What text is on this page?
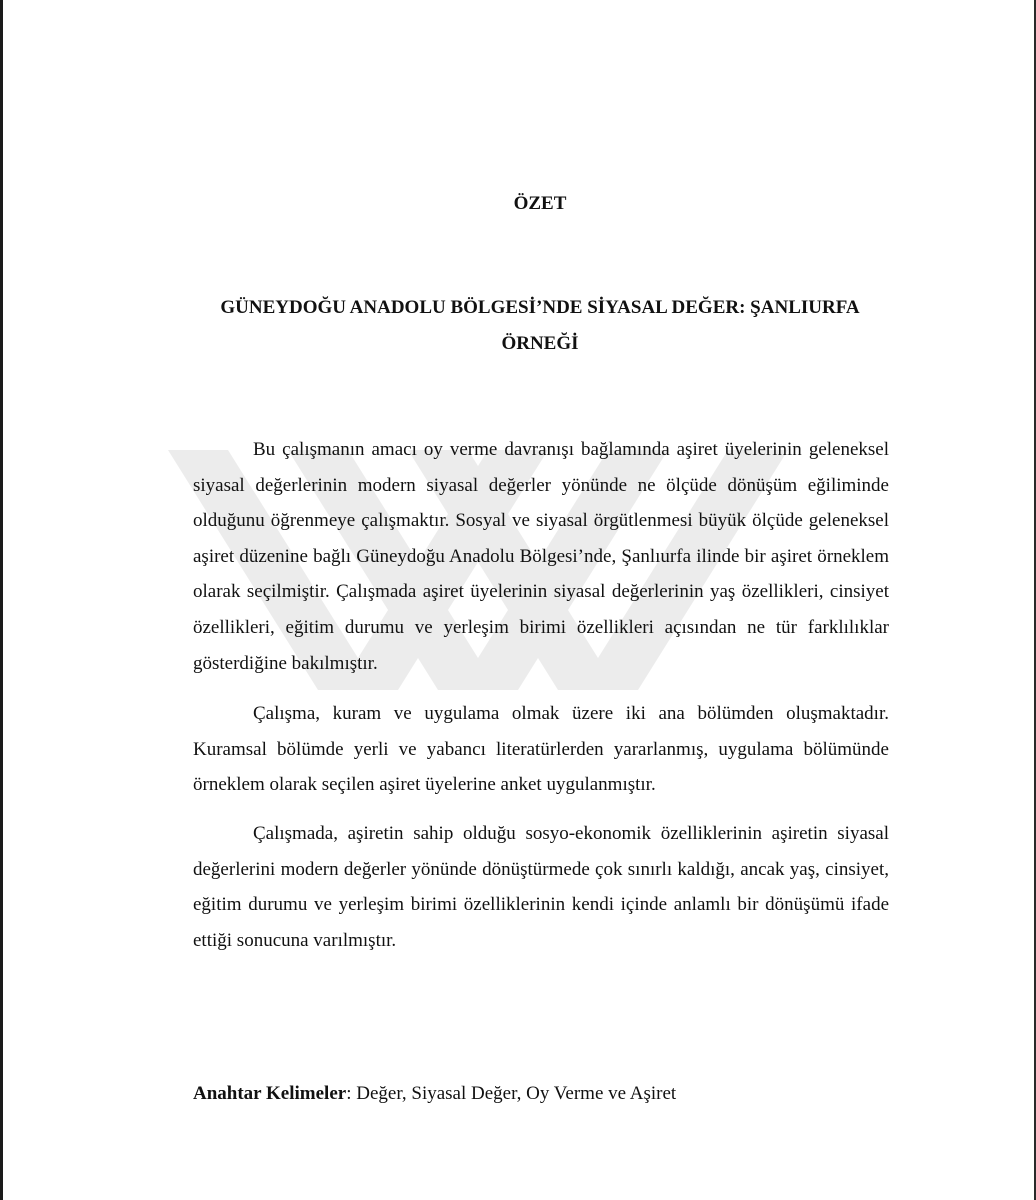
ÖZET
GÜNEYDOĞU ANADOLU BÖLGESİ’NDE SİYASAL DEĞER: ŞANLIURFA
ÖRNEĞİ

Bu çalışmanın amacı oy verme davranışı bağlamında aşiret üyelerinin geleneksel siyasal değerlerinin modern siyasal değerler yönünde ne ölçüde dönüşüm eğiliminde olduğunu öğrenmeye çalışmaktır. Sosyal ve siyasal örgütlenmesi büyük ölçüde geleneksel aşiret düzenine bağlı Güneydoğu Anadolu Bölgesi’nde, Şanlıurfa ilinde bir aşiret örneklem olarak seçilmiştir. Çalışmada aşiret üyelerinin siyasal değerlerinin yaş özellikleri, cinsiyet özellikleri, eğitim durumu ve yerleşim birimi özellikleri açısından ne tür farklılıklar gösterdiğine bakılmıştır.

Çalışma, kuram ve uygulama olmak üzere iki ana bölümden oluşmaktadır. Kuramsal bölümde yerli ve yabancı literatürlerden yararlanmış, uygulama bölümünde örneklem olarak seçilen aşiret üyelerine anket uygulanmıştır.

Çalışmada, aşiretin sahip olduğu sosyo-ekonomik özelliklerinin aşiretin siyasal değerlerini modern değerler yönünde dönüştürmede çok sınırlı kaldığı, ancak yaş, cinsiyet, eğitim durumu ve yerleşim birimi özelliklerinin kendi içinde anlamlı bir dönüşümü ifade ettiği sonucuna varılmıştır.

Anahtar Kelimeler: Değer, Siyasal Değer, Oy Verme ve Aşiret
